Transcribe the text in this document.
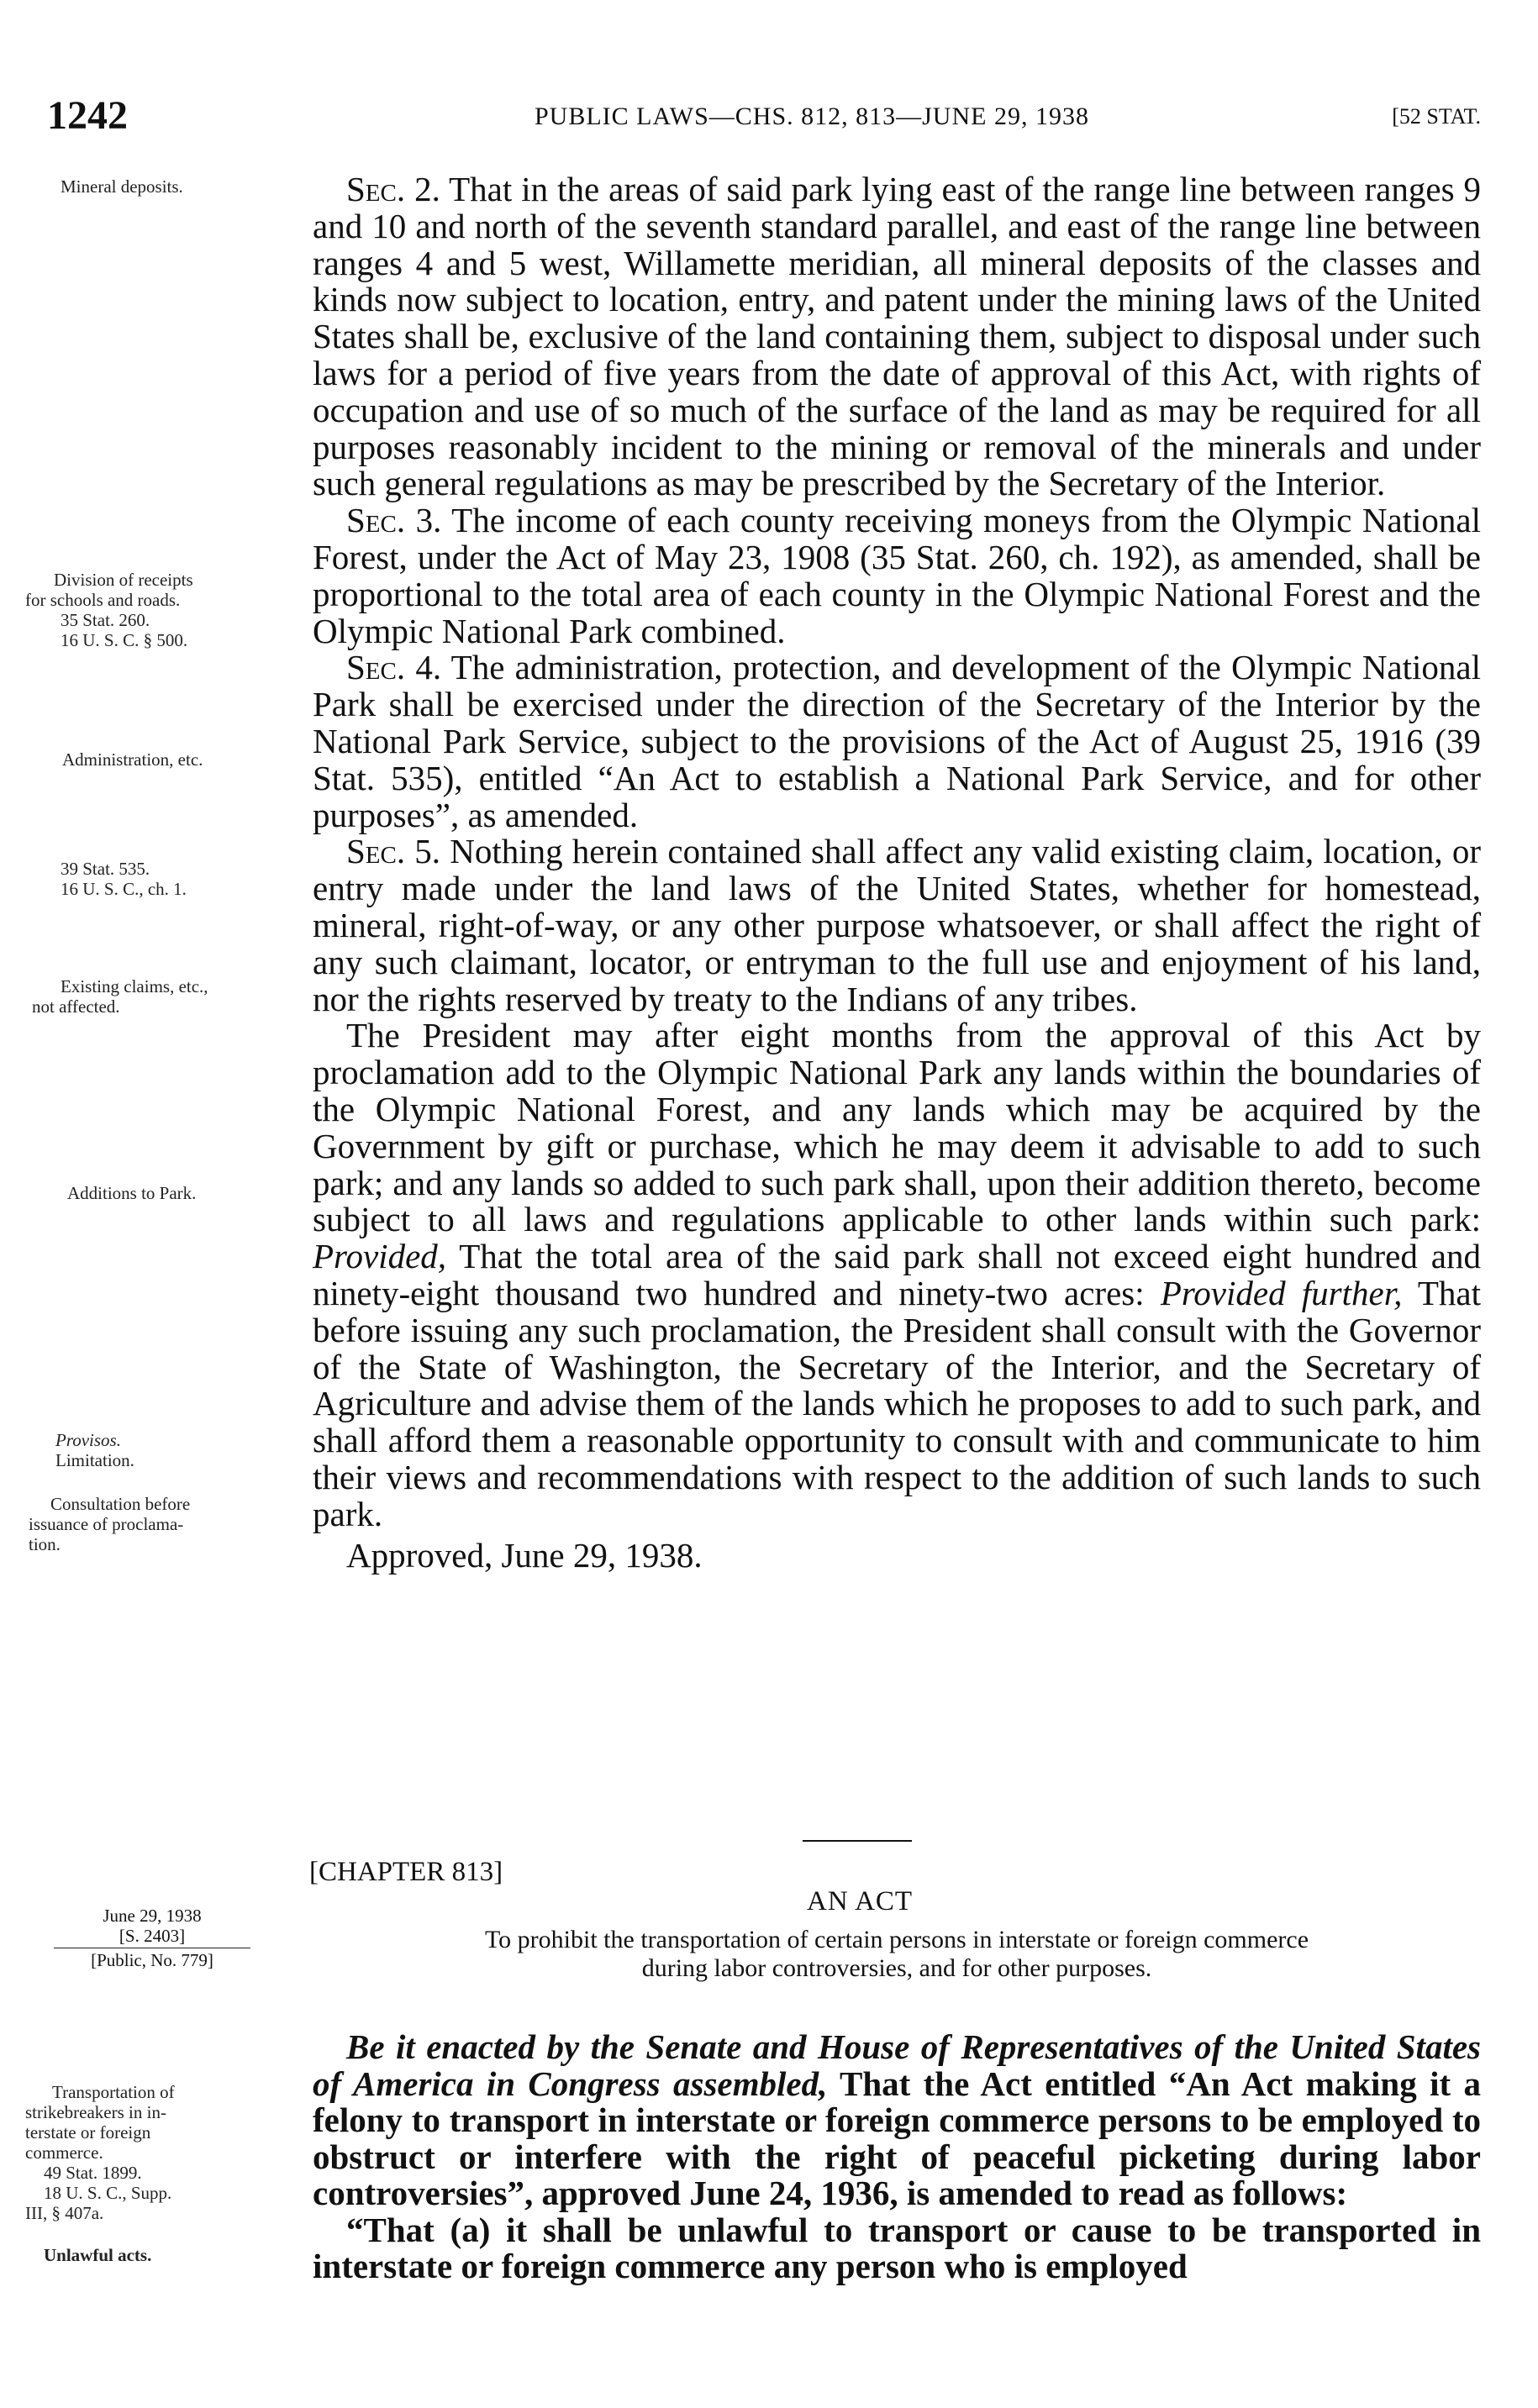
1242	PUBLIC LAWS—CHS. 812, 813—JUNE 29, 1938	[52 STAT.
Mineral deposits.
Division of receipts
for schools and roads.
35 Stat. 260.
16 U. S. C. § 500.
Administration, etc.
39 Stat. 535.
16 U. S. C., ch. 1.
Existing claims, etc.,
not affected.
Additions to Park.
Provisos.
Limitation.
Consultation before
issuance of proclama-
tion.
Transportation of
strikebreakers in in-
terstate or foreign
commerce.
49 Stat. 1899.
18 U. S. C., Supp.
III, § 407a.
Unlawful acts.

Sec. 2. That in the areas of said park lying east of the range line between ranges 9 and 10 and north of the seventh standard parallel, and east of the range line between ranges 4 and 5 west, Willamette meridian, all mineral deposits of the classes and kinds now subject to location, entry, and patent under the mining laws of the United States shall be, exclusive of the land containing them, subject to disposal under such laws for a period of five years from the date of approval of this Act, with rights of occupation and use of so much of the surface of the land as may be required for all purposes reasonably incident to the mining or removal of the minerals and under such general regulations as may be prescribed by the Secretary of the Interior.

Sec. 3. The income of each county receiving moneys from the Olympic National Forest, under the Act of May 23, 1908 (35 Stat. 260, ch. 192), as amended, shall be proportional to the total area of each county in the Olympic National Forest and the Olympic National Park combined.

Sec. 4. The administration, protection, and development of the Olympic National Park shall be exercised under the direction of the Secretary of the Interior by the National Park Service, subject to the provisions of the Act of August 25, 1916 (39 Stat. 535), entitled “An Act to establish a National Park Service, and for other purposes”, as amended.

Sec. 5. Nothing herein contained shall affect any valid existing claim, location, or entry made under the land laws of the United States, whether for homestead, mineral, right-of-way, or any other purpose whatsoever, or shall affect the right of any such claimant, locator, or entryman to the full use and enjoyment of his land, nor the rights reserved by treaty to the Indians of any tribes.

The President may after eight months from the approval of this Act by proclamation add to the Olympic National Park any lands within the boundaries of the Olympic National Forest, and any lands which may be acquired by the Government by gift or purchase, which he may deem it advisable to add to such park; and any lands so added to such park shall, upon their addition thereto, become subject to all laws and regulations applicable to other lands within such park: Provided, That the total area of the said park shall not exceed eight hundred and ninety-eight thousand two hundred and ninety-two acres: Provided further, That before issuing any such proclamation, the President shall consult with the Governor of the State of Washington, the Secretary of the Interior, and the Secretary of Agriculture and advise them of the lands which he proposes to add to such park, and shall afford them a reasonable opportunity to consult with and communicate to him their views and recommendations with respect to the addition of such lands to such park.

Approved, June 29, 1938.

[CHAPTER 813]
AN ACT
To prohibit the transportation of certain persons in interstate or foreign commerce
during labor controversies, and for other purposes.
June 29, 1938
[S. 2403]
[Public, No. 779]

Be it enacted by the Senate and House of Representatives of the United States of America in Congress assembled, That the Act entitled “An Act making it a felony to transport in interstate or foreign commerce persons to be employed to obstruct or interfere with the right of peaceful picketing during labor controversies”, approved June 24, 1936, is amended to read as follows:

“That (a) it shall be unlawful to transport or cause to be transported in interstate or foreign commerce any person who is employed
